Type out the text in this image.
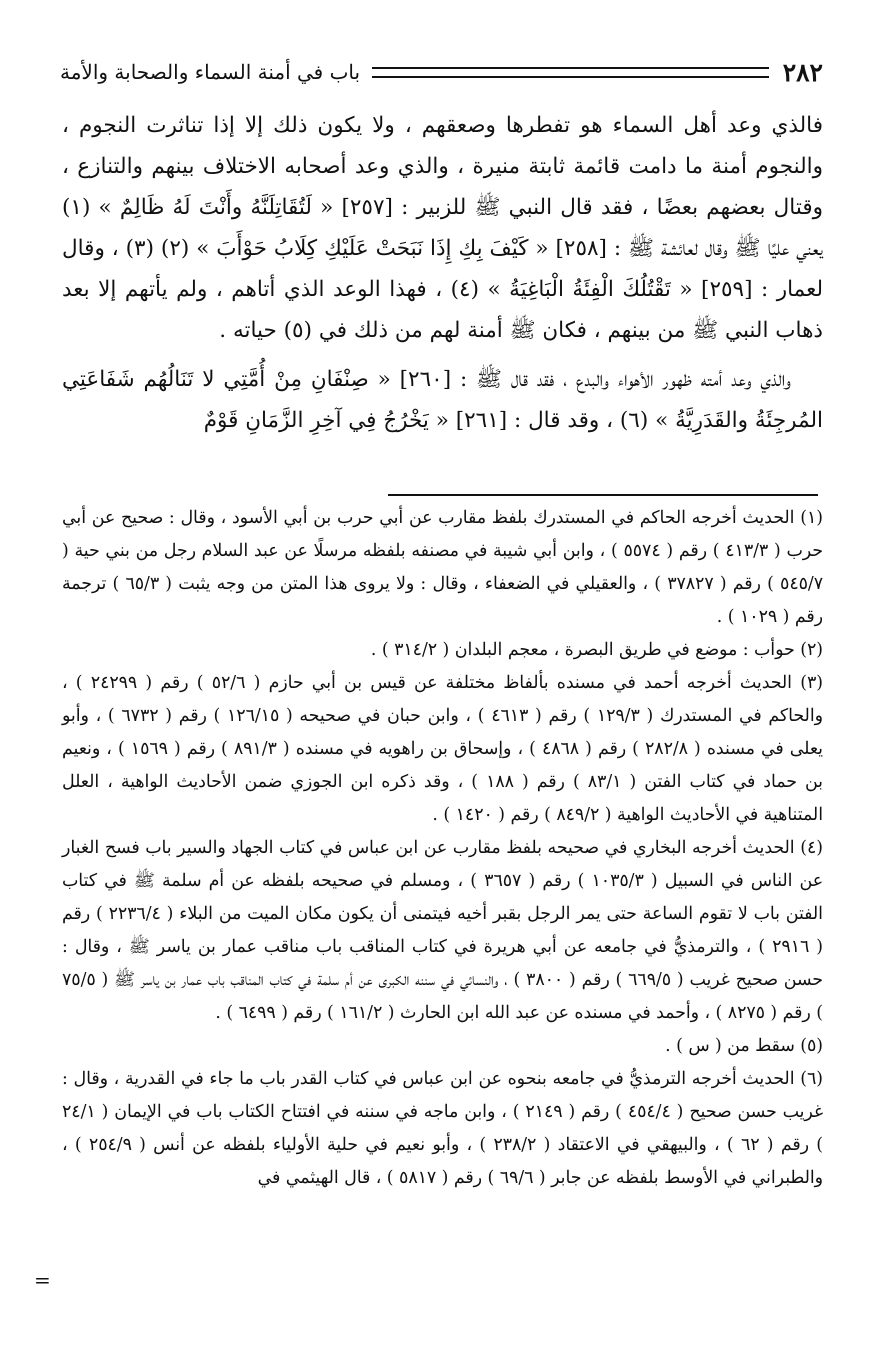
٢٨٢
باب في أمنة السماء والصحابة والأمة

فالذي وعد أهل السماء هو تفطرها وصعقهم ، ولا يكون ذلك إلا إذا تناثرت النجوم ، والنجوم أمنة ما دامت قائمة ثابتة منيرة ، والذي وعد أصحابه الاختلاف بينهم والتنازع ، وقتال بعضهم بعضًا ، فقد قال النبي ﷺ للزبير : [٢٥٧] « لَتُقَاتِلَنَّهُ وأَنْتَ لَهُ ظَالِمٌ » (١) يعني عليًا ﷺ وقال لعائشة ﷺ : [٢٥٨] « كَيْفَ بِكِ إِذَا نَبَحَتْ عَلَيْكِ كِلَابُ حَوْأَبَ » (٢) (٣) ، وقال لعمار : [٢٥٩] « تَقْتُلُكَ الْفِئَةُ الْبَاغِيَةُ » (٤) ، فهذا الوعد الذي أتاهم ، ولم يأتهم إلا بعد ذهاب النبي ﷺ من بينهم ، فكان ﷺ أمنة لهم من ذلك في (٥) حياته .

والذي وعد أمته ظهور الأهواء والبدع ، فقد قال ﷺ : [٢٦٠] « صِنْفَانِ مِنْ أُمَّتِي لا تَنَالُهُم شَفَاعَتِي المُرجِئَةُ والقَدَرِيَّةُ » (٦) ، وقد قال : [٢٦١] « يَخْرُجُ فِي آخِرِ الزَّمَانِ قَوْمٌ

(١) الحديث أخرجه الحاكم في المستدرك بلفظ مقارب عن أبي حرب بن أبي الأسود ، وقال : صحيح عن أبي حرب ( ٤١٣/٣ ) رقم ( ٥٥٧٤ ) ، وابن أبي شيبة في مصنفه بلفظه مرسلًا عن عبد السلام رجل من بني حية ( ٥٤٥/٧ ) رقم ( ٣٧٨٢٧ ) ، والعقيلي في الضعفاء ، وقال : ولا يروى هذا المتن من وجه يثبت ( ٦٥/٣ ) ترجمة رقم ( ١٠٢٩ ) .

(٢) حوأب : موضع في طريق البصرة ، معجم البلدان ( ٣١٤/٢ ) .

(٣) الحديث أخرجه أحمد في مسنده بألفاظ مختلفة عن قيس بن أبي حازم ( ٥٢/٦ ) رقم ( ٢٤٢٩٩ ) ، والحاكم في المستدرك ( ١٢٩/٣ ) رقم ( ٤٦١٣ ) ، وابن حبان في صحيحه ( ١٢٦/١٥ ) رقم ( ٦٧٣٢ ) ، وأبو يعلى في مسنده ( ٢٨٢/٨ ) رقم ( ٤٨٦٨ ) ، وإسحاق بن راهويه في مسنده ( ٨٩١/٣ ) رقم ( ١٥٦٩ ) ، ونعيم بن حماد في كتاب الفتن ( ٨٣/١ ) رقم ( ١٨٨ ) ، وقد ذكره ابن الجوزي ضمن الأحاديث الواهية ، العلل المتناهية في الأحاديث الواهية ( ٨٤٩/٢ ) رقم ( ١٤٢٠ ) .

(٤) الحديث أخرجه البخاري في صحيحه بلفظ مقارب عن ابن عباس في كتاب الجهاد والسير باب فسح الغبار عن الناس في السبيل ( ١٠٣٥/٣ ) رقم ( ٣٦٥٧ ) ، ومسلم في صحيحه بلفظه عن أم سلمة ﷺ في كتاب الفتن باب لا تقوم الساعة حتى يمر الرجل بقبر أخيه فيتمنى أن يكون مكان الميت من البلاء ( ٢٢٣٦/٤ ) رقم ( ٢٩١٦ ) ، والترمذيُّ في جامعه عن أبي هريرة في كتاب المناقب باب مناقب عمار بن ياسر ﷺ ، وقال : حسن صحيح غريب ( ٦٦٩/٥ ) رقم ( ٣٨٠٠ ) ، والنسائي في سننه الكبرى عن أم سلمة في كتاب المناقب باب عمار بن ياسر ﷺ ( ٧٥/٥ ) رقم ( ٨٢٧٥ ) ، وأحمد في مسنده عن عبد الله ابن الحارث ( ١٦١/٢ ) رقم ( ٦٤٩٩ ) .

(٥) سقط من ( س ) .

(٦) الحديث أخرجه الترمذيُّ في جامعه بنحوه عن ابن عباس في كتاب القدر باب ما جاء في القدرية ، وقال : غريب حسن صحيح ( ٤٥٤/٤ ) رقم ( ٢١٤٩ ) ، وابن ماجه في سننه في افتتاح الكتاب باب في الإيمان ( ٢٤/١ ) رقم ( ٦٢ ) ، والبيهقي في الاعتقاد ( ٢٣٨/٢ ) ، وأبو نعيم في حلية الأولياء بلفظه عن أنس ( ٢٥٤/٩ ) ، والطبراني في الأوسط بلفظه عن جابر ( ٦٩/٦ ) رقم ( ٥٨١٧ ) ، قال الهيثمي في

=
